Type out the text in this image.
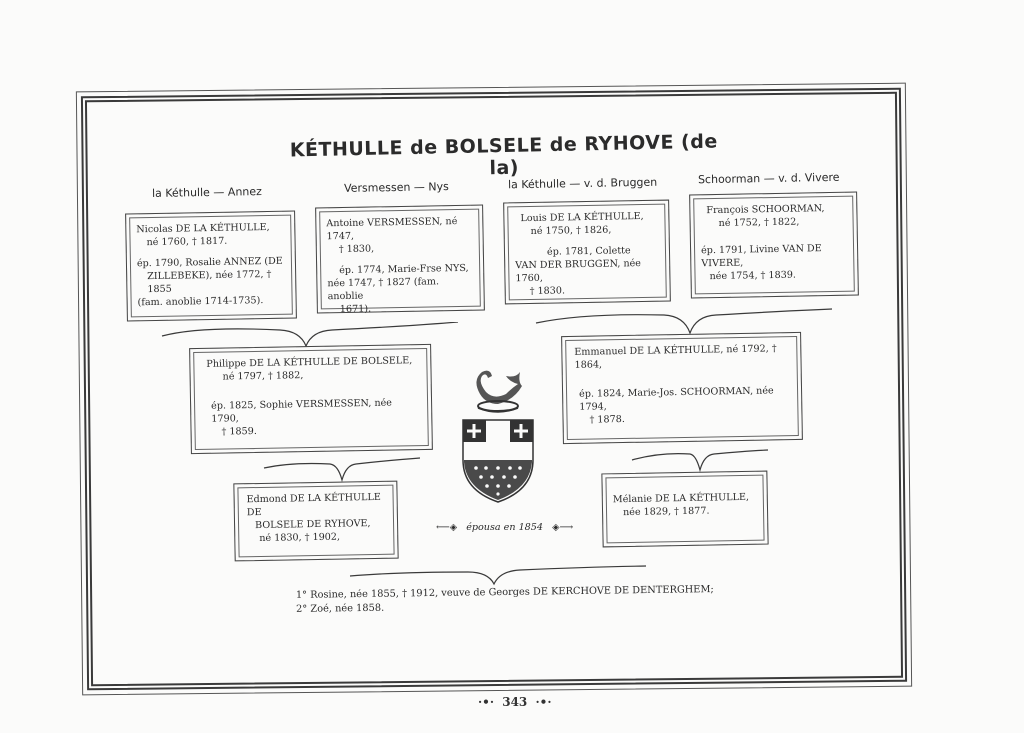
KÉTHULLE de BOLSELE de RYHOVE (de la)
la Kéthulle — Annez	Versmessen — Nys	la Kéthulle — v. d. Bruggen	Schoorman — v. d. Vivere
Nicolas DE LA KÉTHULLE,
né 1760, † 1817.
ép. 1790, Rosalie ANNEZ (DE
ZILLEBEKE), née 1772, † 1855
(fam. anoblie 1714-1735).
Antoine VERSMESSEN, né 1747,
† 1830,
ép. 1774, Marie-Frse NYS,
née 1747, † 1827 (fam. anoblie
1671).
Louis DE LA KÉTHULLE,
né 1750, † 1826,
ép. 1781, Colette
VAN DER BRUGGEN, née 1760,
† 1830.
François SCHOORMAN,
né 1752, † 1822,
ép. 1791, Livine VAN DE VIVERE,
née 1754, † 1839.
Philippe DE LA KÉTHULLE DE BOLSELE,
né 1797, † 1882,
ép. 1825, Sophie VERSMESSEN, née 1790,
† 1859.
Emmanuel DE LA KÉTHULLE, né 1792, † 1864,
ép. 1824, Marie-Jos. SCHOORMAN, née 1794,
† 1878.
Edmond DE LA KÉTHULLE DE
BOLSELE DE RYHOVE,
né 1830, † 1902,
⟵◈ épousa en 1854 ◈⟶
Mélanie DE LA KÉTHULLE,
née 1829, † 1877.
1° Rosine, née 1855, † 1912, veuve de Georges DE KERCHOVE DE DENTERGHEM;
2° Zoé, née 1858.
·•· 343 ·•·
